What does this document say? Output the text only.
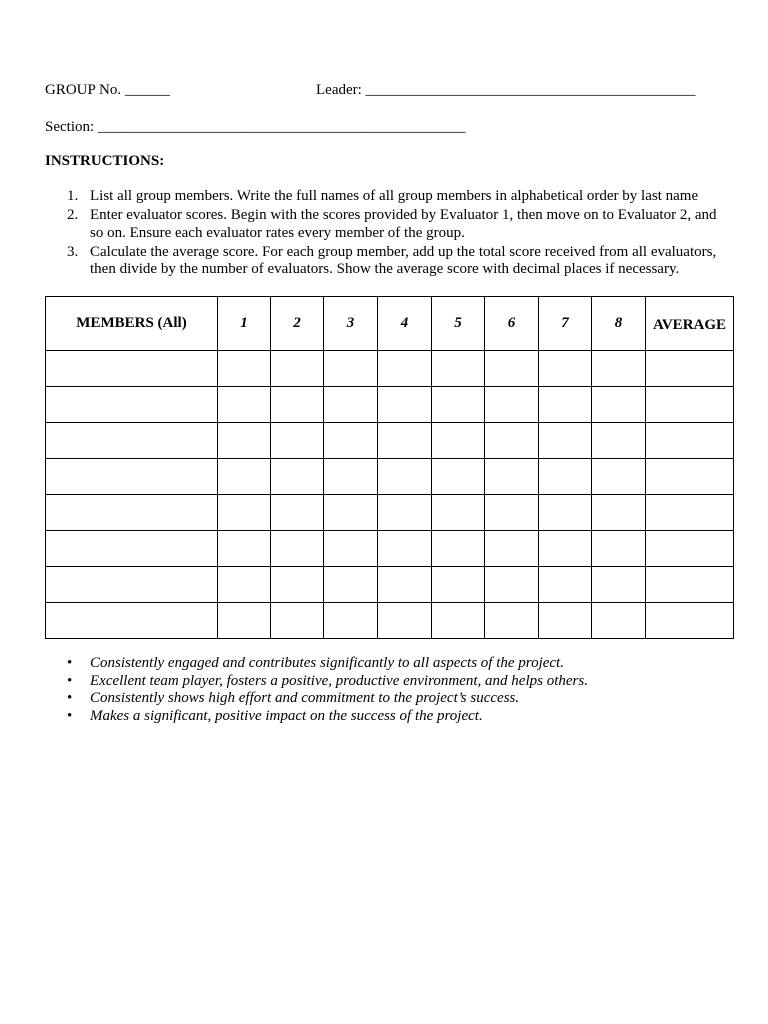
GROUP No. ______	Leader: ____________________________________________
Section: _________________________________________________
INSTRUCTIONS:
1. List all group members. Write the full names of all group members in alphabetical order by last name
2. Enter evaluator scores. Begin with the scores provided by Evaluator 1, then move on to Evaluator 2, and so on. Ensure each evaluator rates every member of the group.
3. Calculate the average score. For each group member, add up the total score received from all evaluators, then divide by the number of evaluators. Show the average score with decimal places if necessary.
MEMBERS (All)	1	2	3	4	5	6	7	8	AVERAGE

• Consistently engaged and contributes significantly to all aspects of the project.
• Excellent team player, fosters a positive, productive environment, and helps others.
• Consistently shows high effort and commitment to the project’s success.
• Makes a significant, positive impact on the success of the project.
